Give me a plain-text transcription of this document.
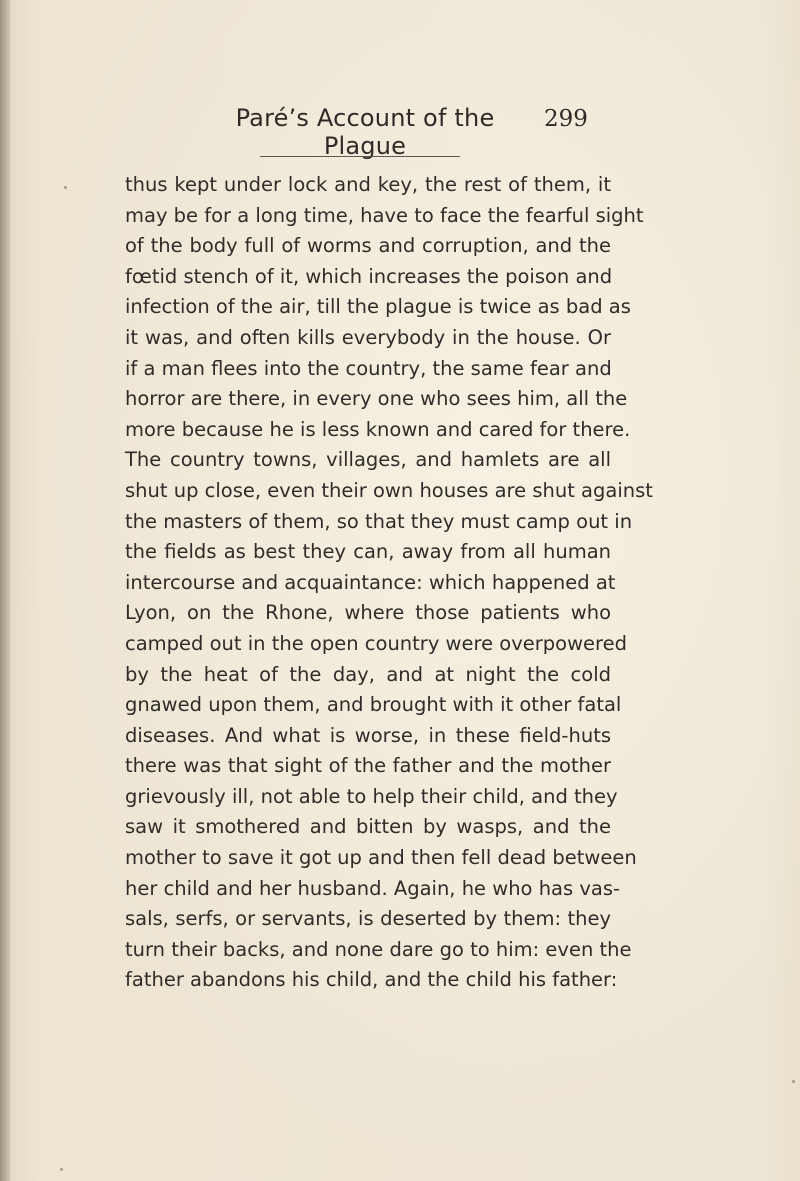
Paré’s Account of the Plague
299
thus kept under lock and key, the rest of them, it
may be for a long time, have to face the fearful sight
of the body full of worms and corruption, and the
fœtid stench of it, which increases the poison and
infection of the air, till the plague is twice as bad as
it was, and often kills everybody in the house. Or
if a man flees into the country, the same fear and
horror are there, in every one who sees him, all the
more because he is less known and cared for there.
The country towns, villages, and hamlets are all
shut up close, even their own houses are shut against
the masters of them, so that they must camp out in
the fields as best they can, away from all human
intercourse and acquaintance: which happened at
Lyon, on the Rhone, where those patients who
camped out in the open country were overpowered
by the heat of the day, and at night the cold
gnawed upon them, and brought with it other fatal
diseases. And what is worse, in these field-huts
there was that sight of the father and the mother
grievously ill, not able to help their child, and they
saw it smothered and bitten by wasps, and the
mother to save it got up and then fell dead between
her child and her husband. Again, he who has vas-
sals, serfs, or servants, is deserted by them: they
turn their backs, and none dare go to him: even the
father abandons his child, and the child his father:
